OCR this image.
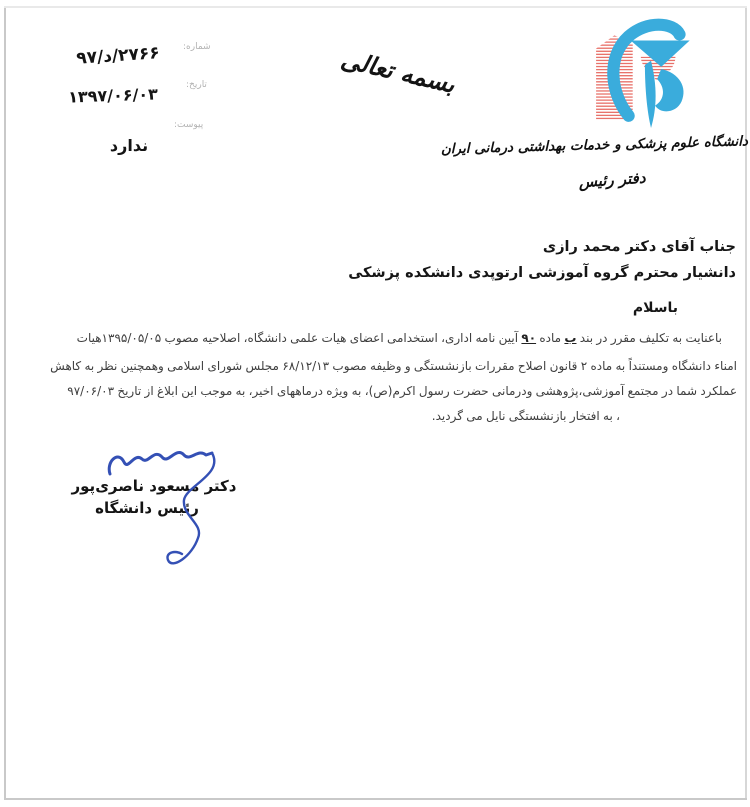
دانشگاه علوم پزشکی و خدمات بهداشتی درمانی ایران
دفتر رئیس
بسمه تعالی
شماره:
۲۷۶۶/د/۹۷
تاریخ:
۱۳۹۷/۰۶/۰۳
پیوست:
ندارد
جناب آقای دکتر محمد رازی
دانشیار محترم گروه آموزشی ارتوپدی دانشکده پزشکی
باسلام
باعنایت به تکلیف مقرر در بند ب ماده ۹۰ آیین نامه اداری، استخدامی اعضای هیات علمی دانشگاه، اصلاحیه مصوب ۱۳۹۵/۰۵/۰۵هیات
امناء دانشگاه ومستنداً به ماده ۲ قانون اصلاح مقررات بازنشستگی و وظیفه مصوب ۶۸/۱۲/۱۳ مجلس شورای اسلامی وهمچنین نظر به کاهش
عملکرد شما در مجتمع آموزشی،پژوهشی ودرمانی حضرت رسول اکرم(ص)، به ویژه درماههای اخیر، به موجب این ابلاغ از تاریخ ۹۷/۰۶/۰۳
، به افتخار بازنشستگی نایل می گردید.
دکتر مسعود ناصری‌پور
رئیس دانشگاه
